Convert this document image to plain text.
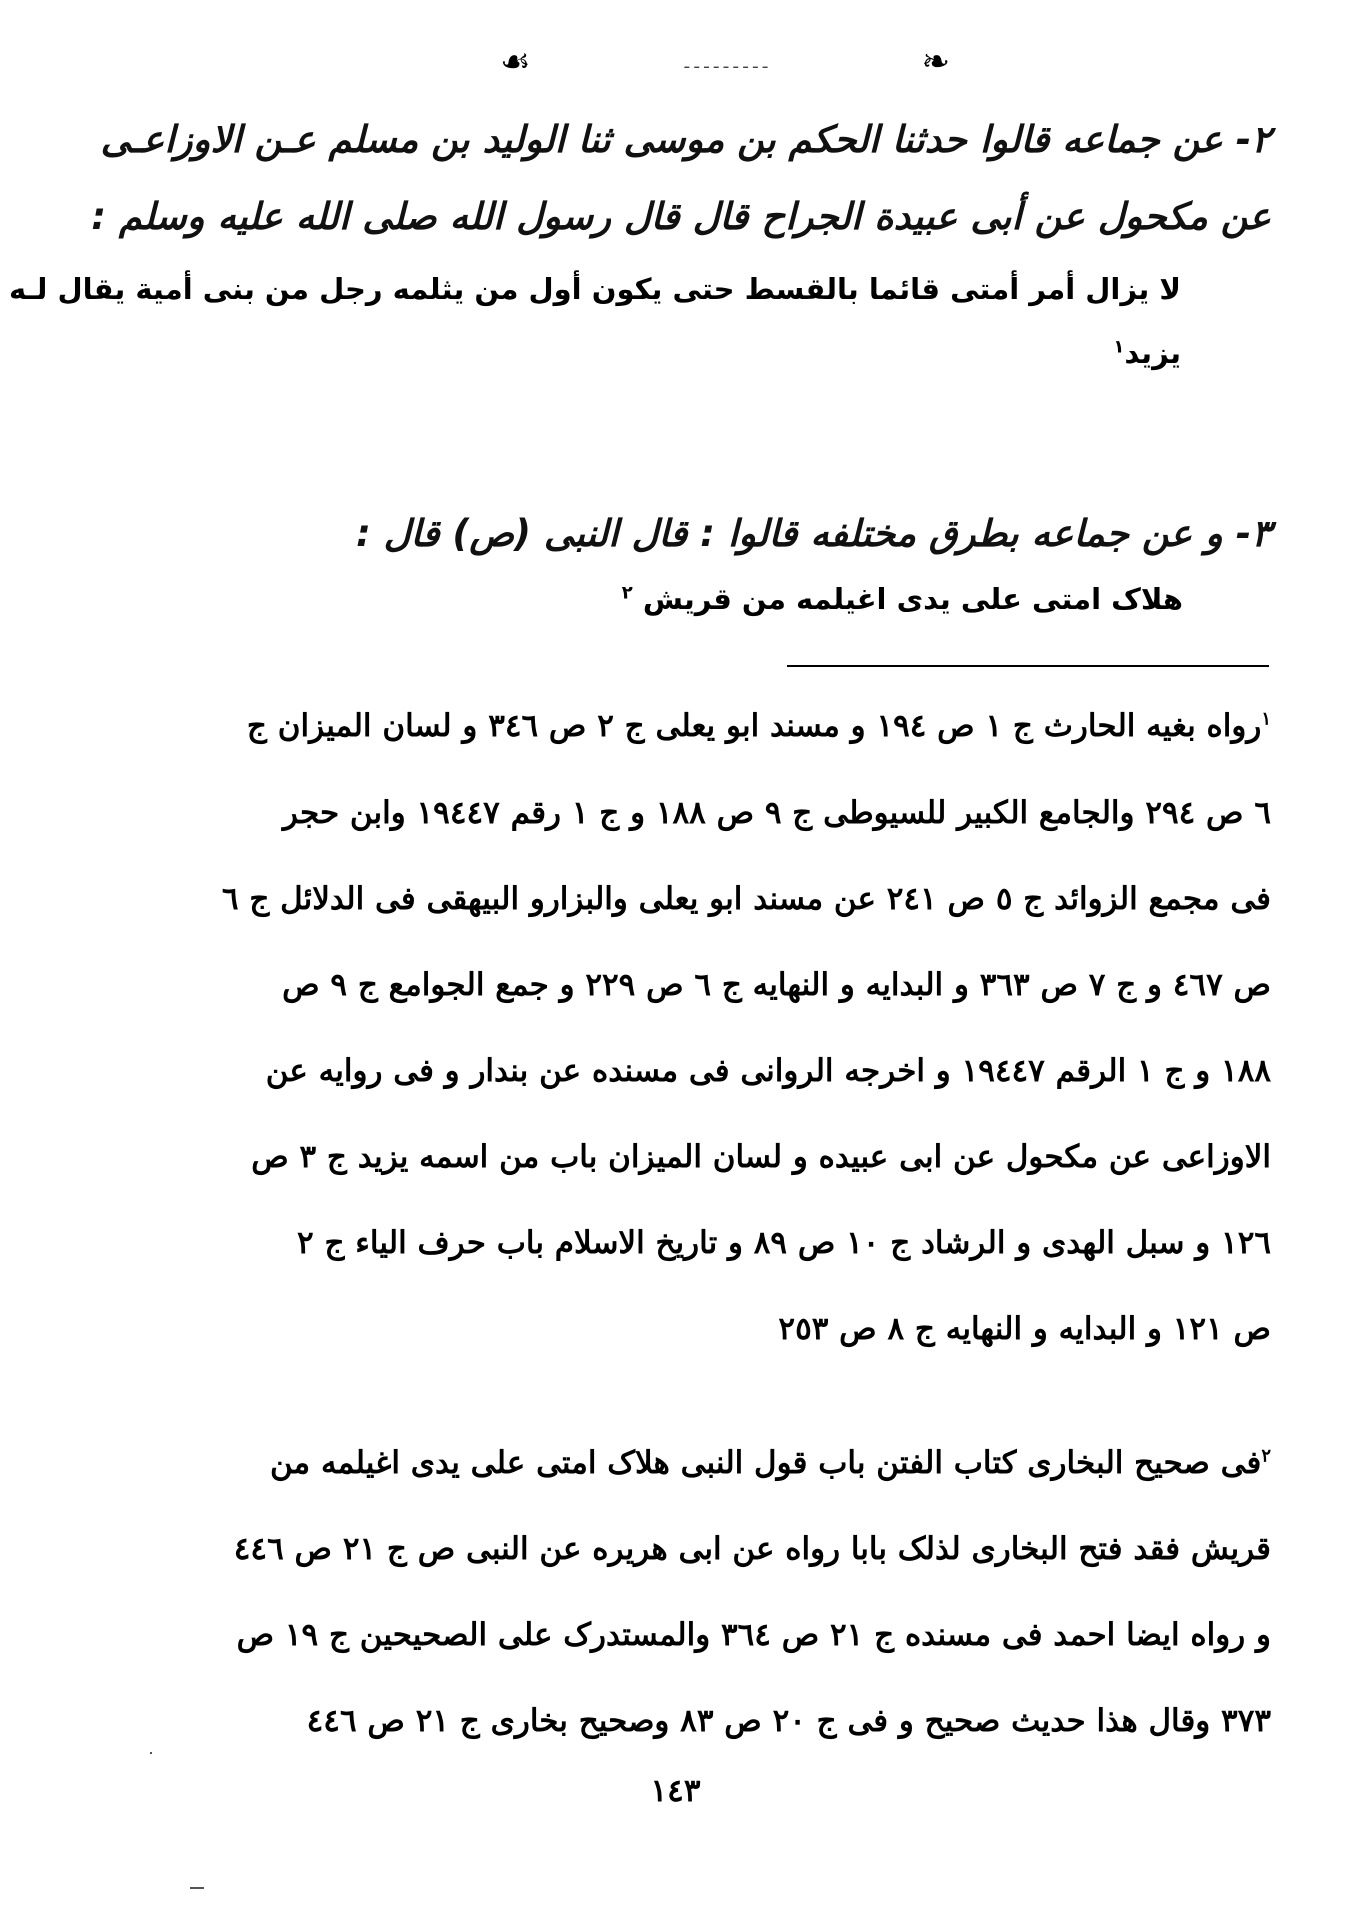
☙	ـ ـ ـ ـ ـ ـ ـ ـ ـ	❧
٢- عن جماعه قالوا حدثنا الحكم بن موسى ثنا الوليد بن مسلم عـن الاوزاعـى
عن مكحول عن أبى عبيدة الجراح قال قال رسول الله صلى الله عليه وسلم :
لا يزال أمر أمتى قائما بالقسط حتى يكون أول من يثلمه رجل من بنى أمية يقال لـه
يزيد$^١$
٣- و عن جماعه بطرق مختلفه قالوا : قال النبى (ص) قال :
هلاک امتی علی یدی اغیلمه من قریش $^٢$
$^١$رواه بغيه الحارث ج ١ ص ١٩٤ و مسند ابو يعلى ج ٢ ص ٣٤٦ و لسان الميزان ج
٦ ص ٢٩٤ والجامع الكبير للسيوطى ج ٩ ص ١٨٨ و ج ١ رقم ١٩٤٤٧ وابن حجر
فى مجمع الزوائد ج ٥ ص ٢٤١ عن مسند ابو يعلى والبزارو البيهقى فى الدلائل ج ٦
ص ٤٦٧ و ج ٧ ص ٣٦٣ و البدايه و النهايه ج ٦ ص ٢٢٩ و جمع الجوامع ج ٩ ص
١٨٨ و ج ١ الرقم ١٩٤٤٧ و اخرجه الروانى فى مسنده عن بندار و فى روايه عن
الاوزاعى عن مكحول عن ابى عبيده و لسان الميزان باب من اسمه يزيد ج ٣ ص
١٢٦ و سبل الهدى و الرشاد ج ١٠ ص ٨٩ و تاريخ الاسلام باب حرف الياء ج ٢
ص ١٢١ و البدايه و النهايه ج ٨ ص ٢٥٣
$^٢$فى صحيح البخارى كتاب الفتن باب قول النبى هلاک امتى على يدى اغيلمه من
قريش فقد فتح البخارى لذلک بابا رواه عن ابى هريره عن النبى ص ج ٢١ ص ٤٤٦
و رواه ايضا احمد فى مسنده ج ٢١ ص ٣٦٤ والمستدرک على الصحيحين ج ١٩ ص
٣٧٣ وقال هذا حديث صحيح و فى ج ٢٠ ص ٨٣ وصحيح بخارى ج ٢١ ص ٤٤٦
١٤٣
